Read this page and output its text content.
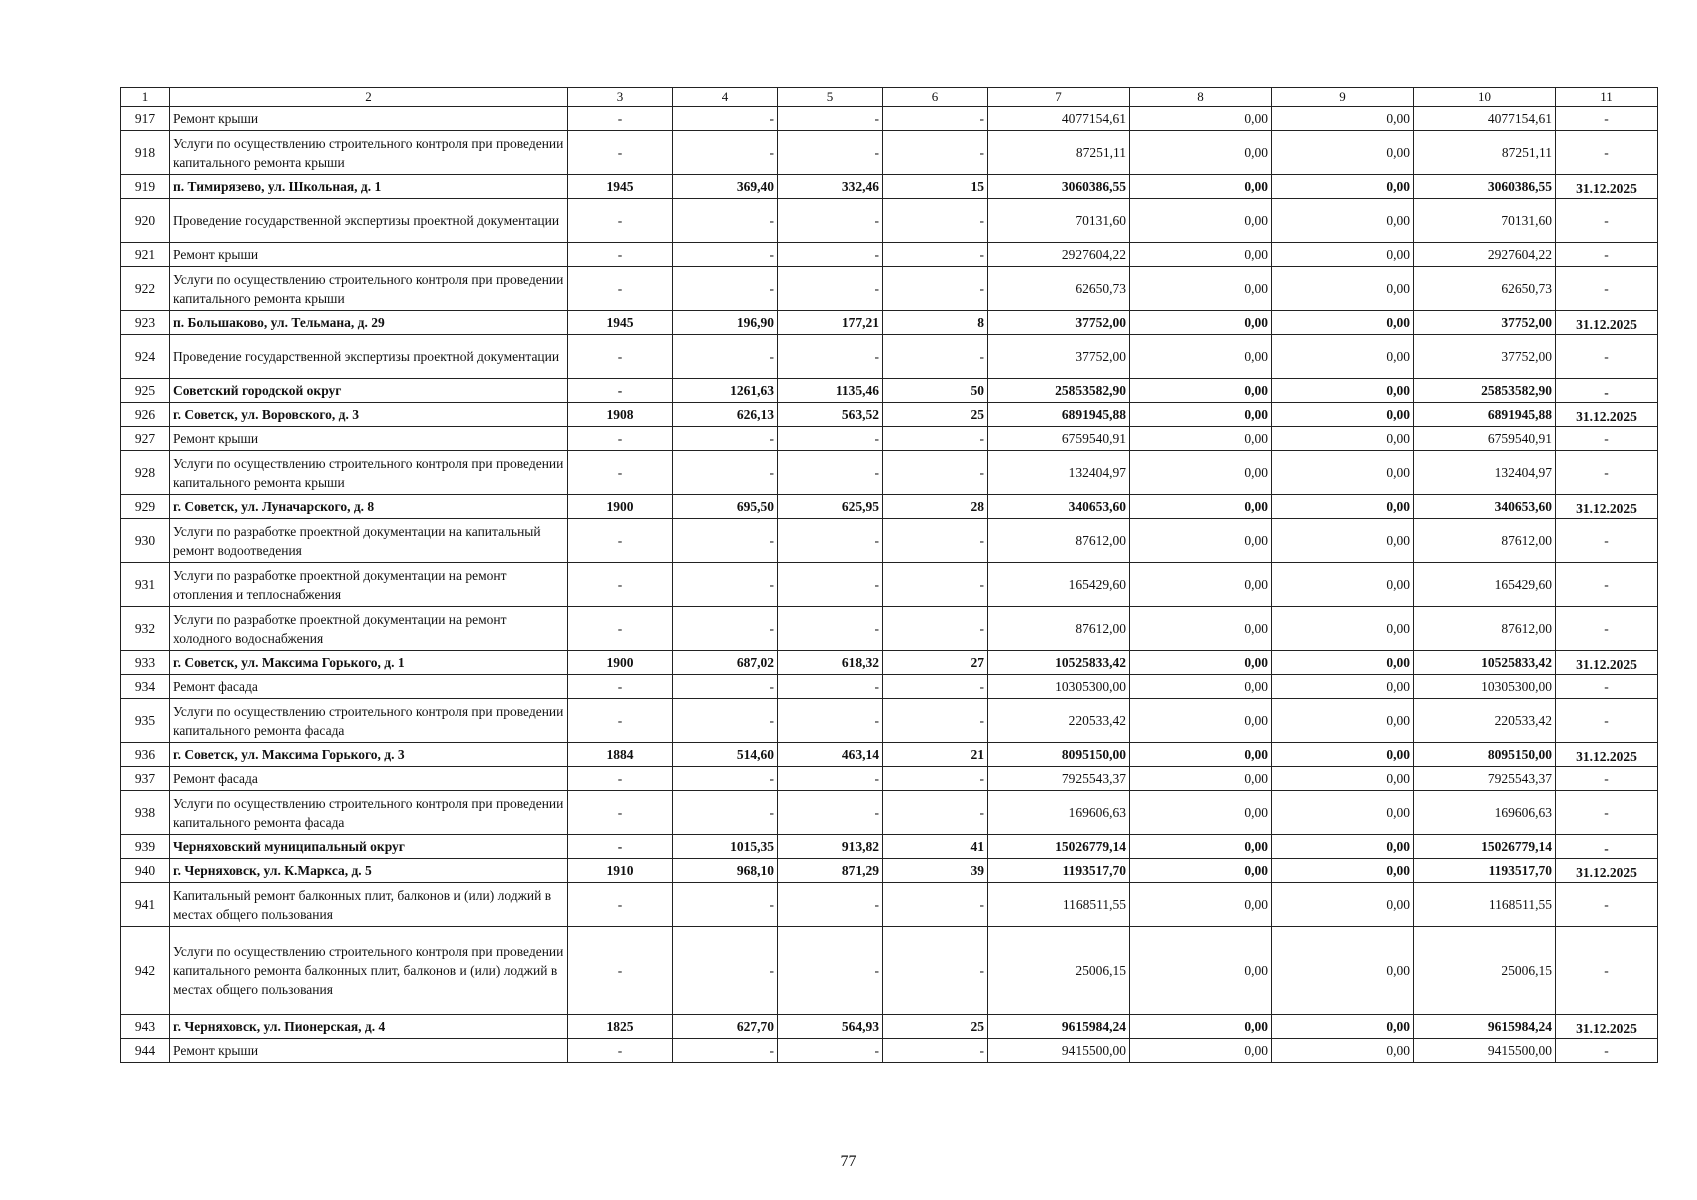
1	2	3	4	5	6	7	8	9	10	11
917	Ремонт крыши	-	-	-	-	4077154,61	0,00	0,00	4077154,61	-
918	Услуги по осуществлению строительного контроля при проведении капитального ремонта крыши	-	-	-	-	87251,11	0,00	0,00	87251,11	-
919	п. Тимирязево, ул. Школьная, д. 1	1945	369,40	332,46	15	3060386,55	0,00	0,00	3060386,55	31.12.2025
920	Проведение государственной экспертизы проектной документации	-	-	-	-	70131,60	0,00	0,00	70131,60	-
921	Ремонт крыши	-	-	-	-	2927604,22	0,00	0,00	2927604,22	-
922	Услуги по осуществлению строительного контроля при проведении капитального ремонта крыши	-	-	-	-	62650,73	0,00	0,00	62650,73	-
923	п. Большаково, ул. Тельмана, д. 29	1945	196,90	177,21	8	37752,00	0,00	0,00	37752,00	31.12.2025
924	Проведение государственной экспертизы проектной документации	-	-	-	-	37752,00	0,00	0,00	37752,00	-
925	Советский городской округ	-	1261,63	1135,46	50	25853582,90	0,00	0,00	25853582,90	-
926	г. Советск, ул. Воровского, д. 3	1908	626,13	563,52	25	6891945,88	0,00	0,00	6891945,88	31.12.2025
927	Ремонт крыши	-	-	-	-	6759540,91	0,00	0,00	6759540,91	-
928	Услуги по осуществлению строительного контроля при проведении капитального ремонта крыши	-	-	-	-	132404,97	0,00	0,00	132404,97	-
929	г. Советск, ул. Луначарского, д. 8	1900	695,50	625,95	28	340653,60	0,00	0,00	340653,60	31.12.2025
930	Услуги по разработке проектной документации на капитальный ремонт водоотведения	-	-	-	-	87612,00	0,00	0,00	87612,00	-
931	Услуги по разработке проектной документации на ремонт отопления и теплоснабжения	-	-	-	-	165429,60	0,00	0,00	165429,60	-
932	Услуги по разработке проектной документации на ремонт холодного водоснабжения	-	-	-	-	87612,00	0,00	0,00	87612,00	-
933	г. Советск, ул. Максима Горького, д. 1	1900	687,02	618,32	27	10525833,42	0,00	0,00	10525833,42	31.12.2025
934	Ремонт фасада	-	-	-	-	10305300,00	0,00	0,00	10305300,00	-
935	Услуги по осуществлению строительного контроля при проведении капитального ремонта фасада	-	-	-	-	220533,42	0,00	0,00	220533,42	-
936	г. Советск, ул. Максима Горького, д. 3	1884	514,60	463,14	21	8095150,00	0,00	0,00	8095150,00	31.12.2025
937	Ремонт фасада	-	-	-	-	7925543,37	0,00	0,00	7925543,37	-
938	Услуги по осуществлению строительного контроля при проведении капитального ремонта фасада	-	-	-	-	169606,63	0,00	0,00	169606,63	-
939	Черняховский муниципальный округ	-	1015,35	913,82	41	15026779,14	0,00	0,00	15026779,14	-
940	г. Черняховск, ул. К.Маркса, д. 5	1910	968,10	871,29	39	1193517,70	0,00	0,00	1193517,70	31.12.2025
941	Капитальный ремонт балконных плит, балконов и (или) лоджий в местах общего пользования	-	-	-	-	1168511,55	0,00	0,00	1168511,55	-
942	Услуги по осуществлению строительного контроля при проведении капитального ремонта балконных плит, балконов и (или) лоджий в местах общего пользования	-	-	-	-	25006,15	0,00	0,00	25006,15	-
943	г. Черняховск, ул. Пионерская, д. 4	1825	627,70	564,93	25	9615984,24	0,00	0,00	9615984,24	31.12.2025
944	Ремонт крыши	-	-	-	-	9415500,00	0,00	0,00	9415500,00	-
77
